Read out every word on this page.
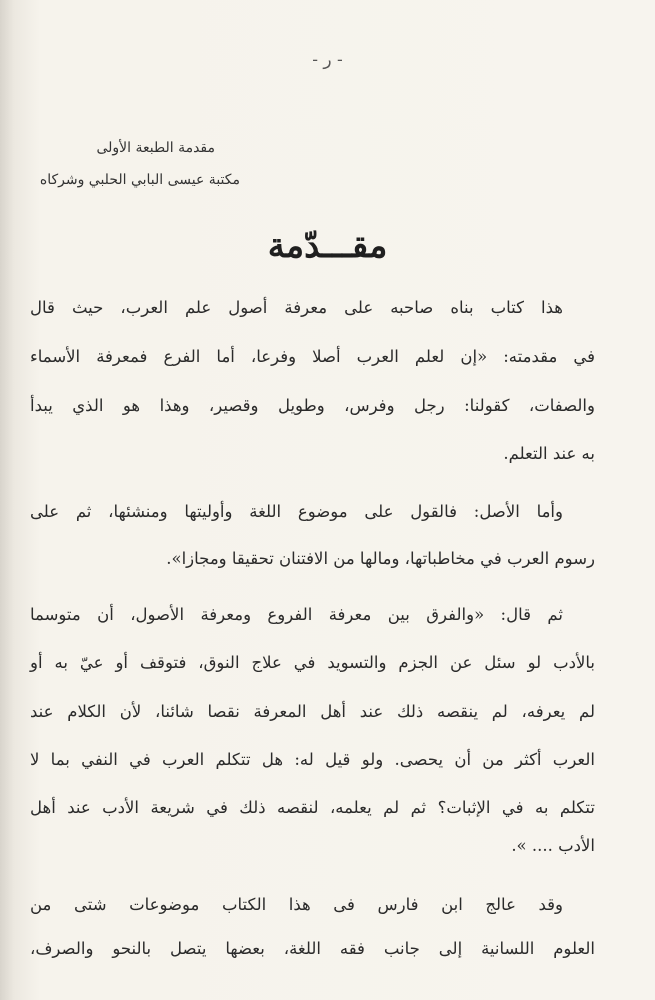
- ر -
مقدمة الطبعة الأولى
مكتبة عيسى البابي الحلبي وشركاه
مقـــدّمة
هذا كتاب بناه صاحبه على معرفة أصول علم العرب، حيث قال
في مقدمته: «إن لعلم العرب أصلا وفرعا، أما الفرع فمعرفة الأسماء
والصفات، كقولنا: رجل وفرس، وطويل وقصير، وهذا هو الذي يبدأ
به عند التعلم.
وأما الأصل: فالقول على موضوع اللغة وأوليتها ومنشئها، ثم على
رسوم العرب في مخاطباتها، ومالها من الافتنان تحقيقا ومجازا».
ثم قال: «والفرق بين معرفة الفروع ومعرفة الأصول، أن متوسما
بالأدب لو سئل عن الجزم والتسويد في علاج النوق، فتوقف أو عيّ به أو
لم يعرفه، لم ينقصه ذلك عند أهل المعرفة نقصا شائنا، لأن الكلام عند
العرب أكثر من أن يحصى. ولو قيل له: هل تتكلم العرب في النفي بما لا
تتكلم به في الإثبات؟ ثم لم يعلمه، لنقصه ذلك في شريعة الأدب عند أهل
الأدب .... ».
وقد عالج ابن فارس فى هذا الكتاب موضوعات شتى من
العلوم اللسانية إلى جانب فقه اللغة، بعضها يتصل بالنحو والصرف،
